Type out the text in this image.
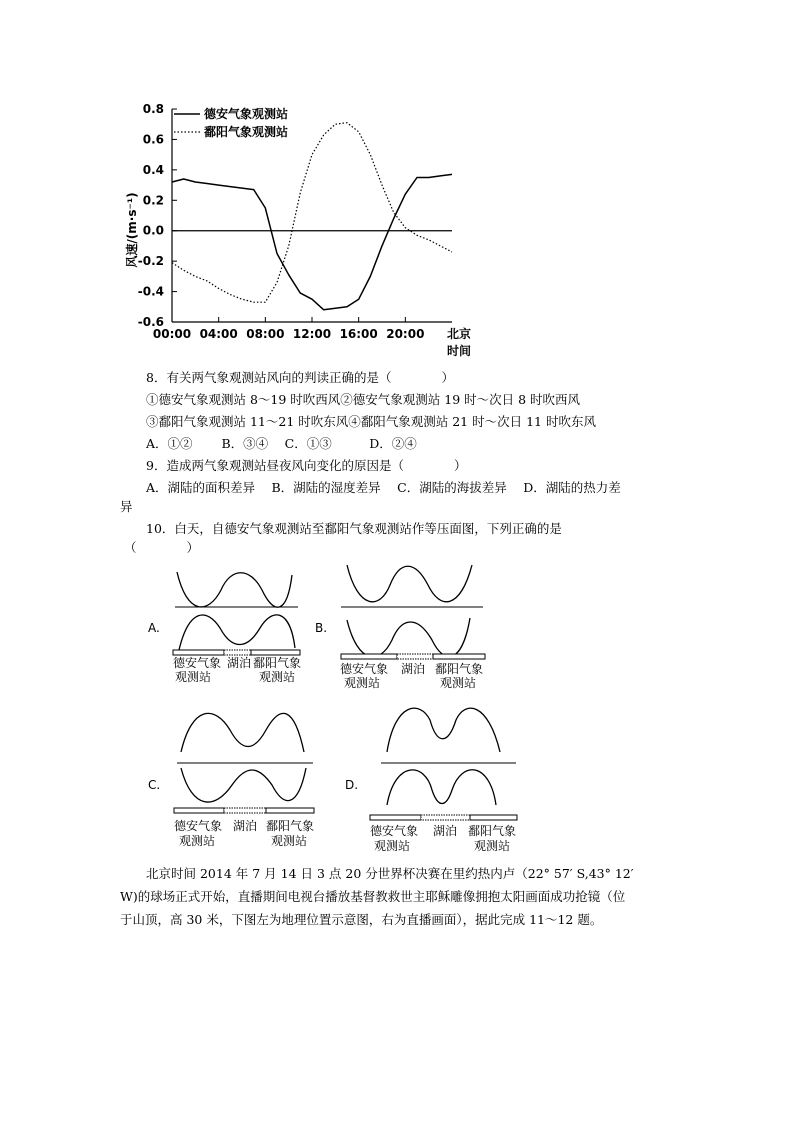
0.8
0.6
0.4
0.2
0.0
-0.2
-0.4
-0.6
00:00 04:00 08:00 12:00 16:00 20:00 北京
时间
德安气象观测站
鄱阳气象观测站
风速/(m·s⁻¹)
8．有关两气象观测站风向的判读正确的是（　　　　）
①德安气象观测站 8～19 时吹西风②德安气象观测站 19 时～次日 8 时吹西风
③鄱阳气象观测站 11～21 时吹东风④鄱阳气象观测站 21 时～次日 11 时吹东风
A．①②　　 B．③④　 C．①③　　　D．②④
9．造成两气象观测站昼夜风向变化的原因是（　　　　）
A．湖陆的面积差异　 B．湖陆的湿度差异　 C．湖陆的海拔差异　 D．湖陆的热力差
异
10．白天，自德安气象观测站至鄱阳气象观测站作等压面图，下列正确的是
（　　　　）
A.	B.
C.	D.
德安气象
观测站
湖泊 鄱阳气象
观测站
德安气象
观测站
湖泊 鄱阳气象
观测站
德安气象
观测站
湖泊 鄱阳气象
观测站
德安气象
观测站
湖泊 鄱阳气象
观测站
北京时间 2014 年 7 月 14 日 3 点 20 分世界杯决赛在里约热内卢（22° 57′ S,43° 12′
W)的球场正式开始，直播期间电视台播放基督教救世主耶稣雕像拥抱太阳画面成功抢镜（位
于山顶，高 30 米，下图左为地理位置示意图，右为直播画面），据此完成 11～12 题。
